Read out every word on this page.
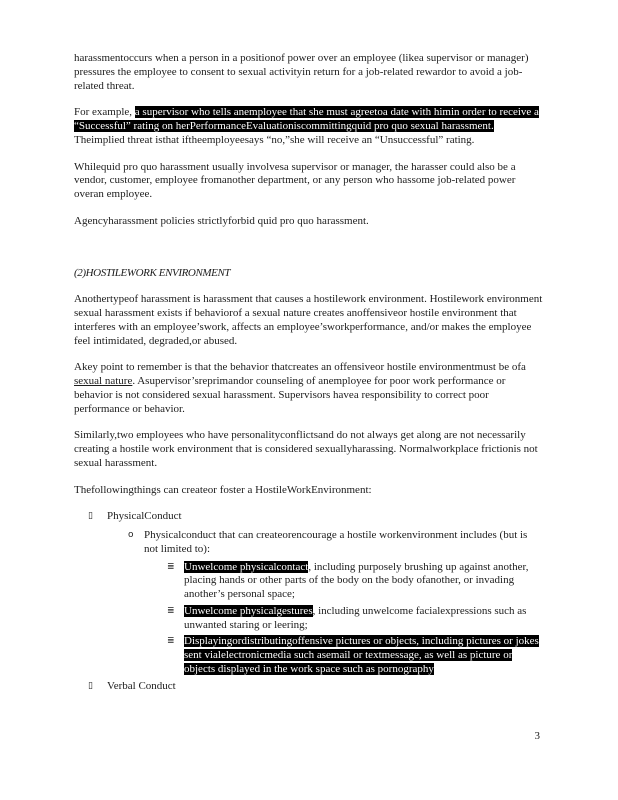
harassmentoccurs when a person in a positionof power over an employee (likea supervisor or manager) pressures the employee to consent to sexual activityin return for a job-related rewardor to avoid a job-related threat.
For example, a supervisor who tells anemployee that she must agreetoa date with himin order to receive a “Successful” rating on herPerformanceEvaluationiscommittingquid pro quo sexual harassment. Theimplied threat isthat iftheemployeesays “no,”she will receive an “Unsuccessful” rating.
Whilequid pro quo harassment usually involvesa supervisor or manager, the harasser could also be a vendor, customer, employee fromanother department, or any person who hassome job-related power overan employee.
Agencyharassment policies strictlyforbid quid pro quo harassment.
(2)HOSTILEWORK ENVIRONMENT
Anothertypeof harassment is harassment that causes a hostilework environment. Hostilework environment sexual harassment exists if behaviorof a sexual nature creates anoffensiveor hostile environment that interferes with an employee’swork, affects an employee’sworkperformance, and/or makes the employee feel intimidated, degraded,or abused.
Akey point to remember is that the behavior thatcreates an offensiveor hostile environmentmust be ofa sexual nature. Asupervisor’sreprimandor counseling of anemployee for poor work performance or behavior is not considered sexual harassment. Supervisors havea responsibility to correct poor performance or behavior.
Similarly,two employees who have personalityconflictsand do not always get along are not necessarily creating a hostile work environment that is considered sexuallyharassing. Normalworkplace frictionis not sexual harassment.
Thefollowingthings can createor foster a HostileWorkEnvironment:
▯	PhysicalConduct
o Physicalconduct that can createorencourage a hostile workenvironment includes (but is not limited to):
≣ Unwelcome physicalcontact, including purposely brushing up against another, placing hands or other parts of the body on the body ofanother, or invading another’s personal space;
≣ Unwelcome physicalgestures, including unwelcome facialexpressions such as unwanted staring or leering;
≣ Displayingordistributingoffensive pictures or objects, including pictures or jokes sent vialelectronicmedia such asemail or textmessage, as well as picture or objects displayed in the work space such as pornography
▯	Verbal Conduct
3
